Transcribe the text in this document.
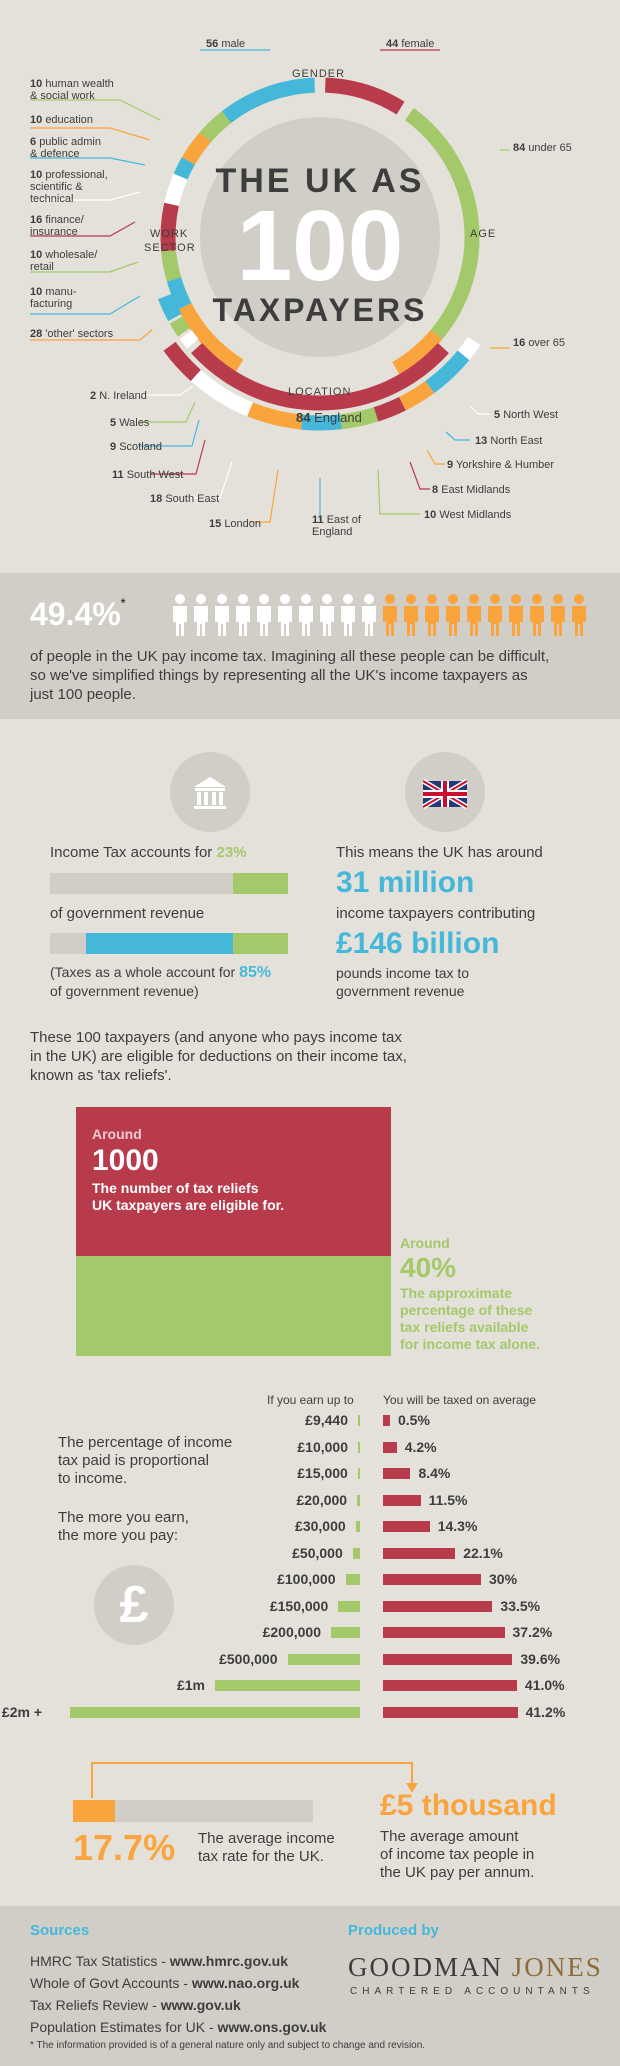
THE UK AS
100
TAXPAYERS
GENDER
AGE
WORK
SECTOR
LOCATION
56 male	44 female
84 under 65
16 over 65
10 human wealth
& social work
10 education
6 public admin
& defence
10 professional,
scientific &
technical
16 finance/
insurance
10 wholesale/
retail
10 manu-
facturing
28 'other' sectors
84 England
2 N. Ireland
5 Wales
9 Scotland
5 North West
13 North East
9 Yorkshire & Humber
8 East Midlands
10 West Midlands
11 South West
18 South East
15 London	11 East of
England
49.4%*
of people in the UK pay income tax. Imagining all these people can be difficult, so we've simplified things by representing all the UK's income taxpayers as just 100 people.
Income Tax accounts for 23%
of government revenue
(Taxes as a whole account for 85%
of government revenue)
This means the UK has around
31 million
income taxpayers contributing
£146 billion
pounds income tax to
government revenue
These 100 taxpayers (and anyone who pays income tax in the UK) are eligible for deductions on their income tax, known as 'tax reliefs'.
Around
1000
The number of tax reliefs
UK taxpayers are eligible for.
Around
40%
The approximate
percentage of these
tax reliefs available
for income tax alone.
If you earn up to You will be taxed on average
The percentage of income
tax paid is proportional
to income.
The more you earn,
the more you pay:
£
£9,440	0.5%
£10,000	4.2%
£15,000	8.4%
£20,000	11.5%
£30,000	14.3%
£50,000	22.1%
£100,000	30%
£150,000	33.5%
£200,000	37.2%
£500,000	39.6%
£1m	41.0%
£2m +	41.2%
17.7% The average income
tax rate for the UK.
£5 thousand
The average amount
of income tax people in
the UK pay per annum.
Sources
HMRC Tax Statistics - www.hmrc.gov.uk
Whole of Govt Accounts - www.nao.org.uk
Tax Reliefs Review - www.gov.uk
Population Estimates for UK - www.ons.gov.uk
Produced by
GOODMAN JONES
CHARTERED ACCOUNTANTS
* The information provided is of a general nature only and subject to change and revision.
